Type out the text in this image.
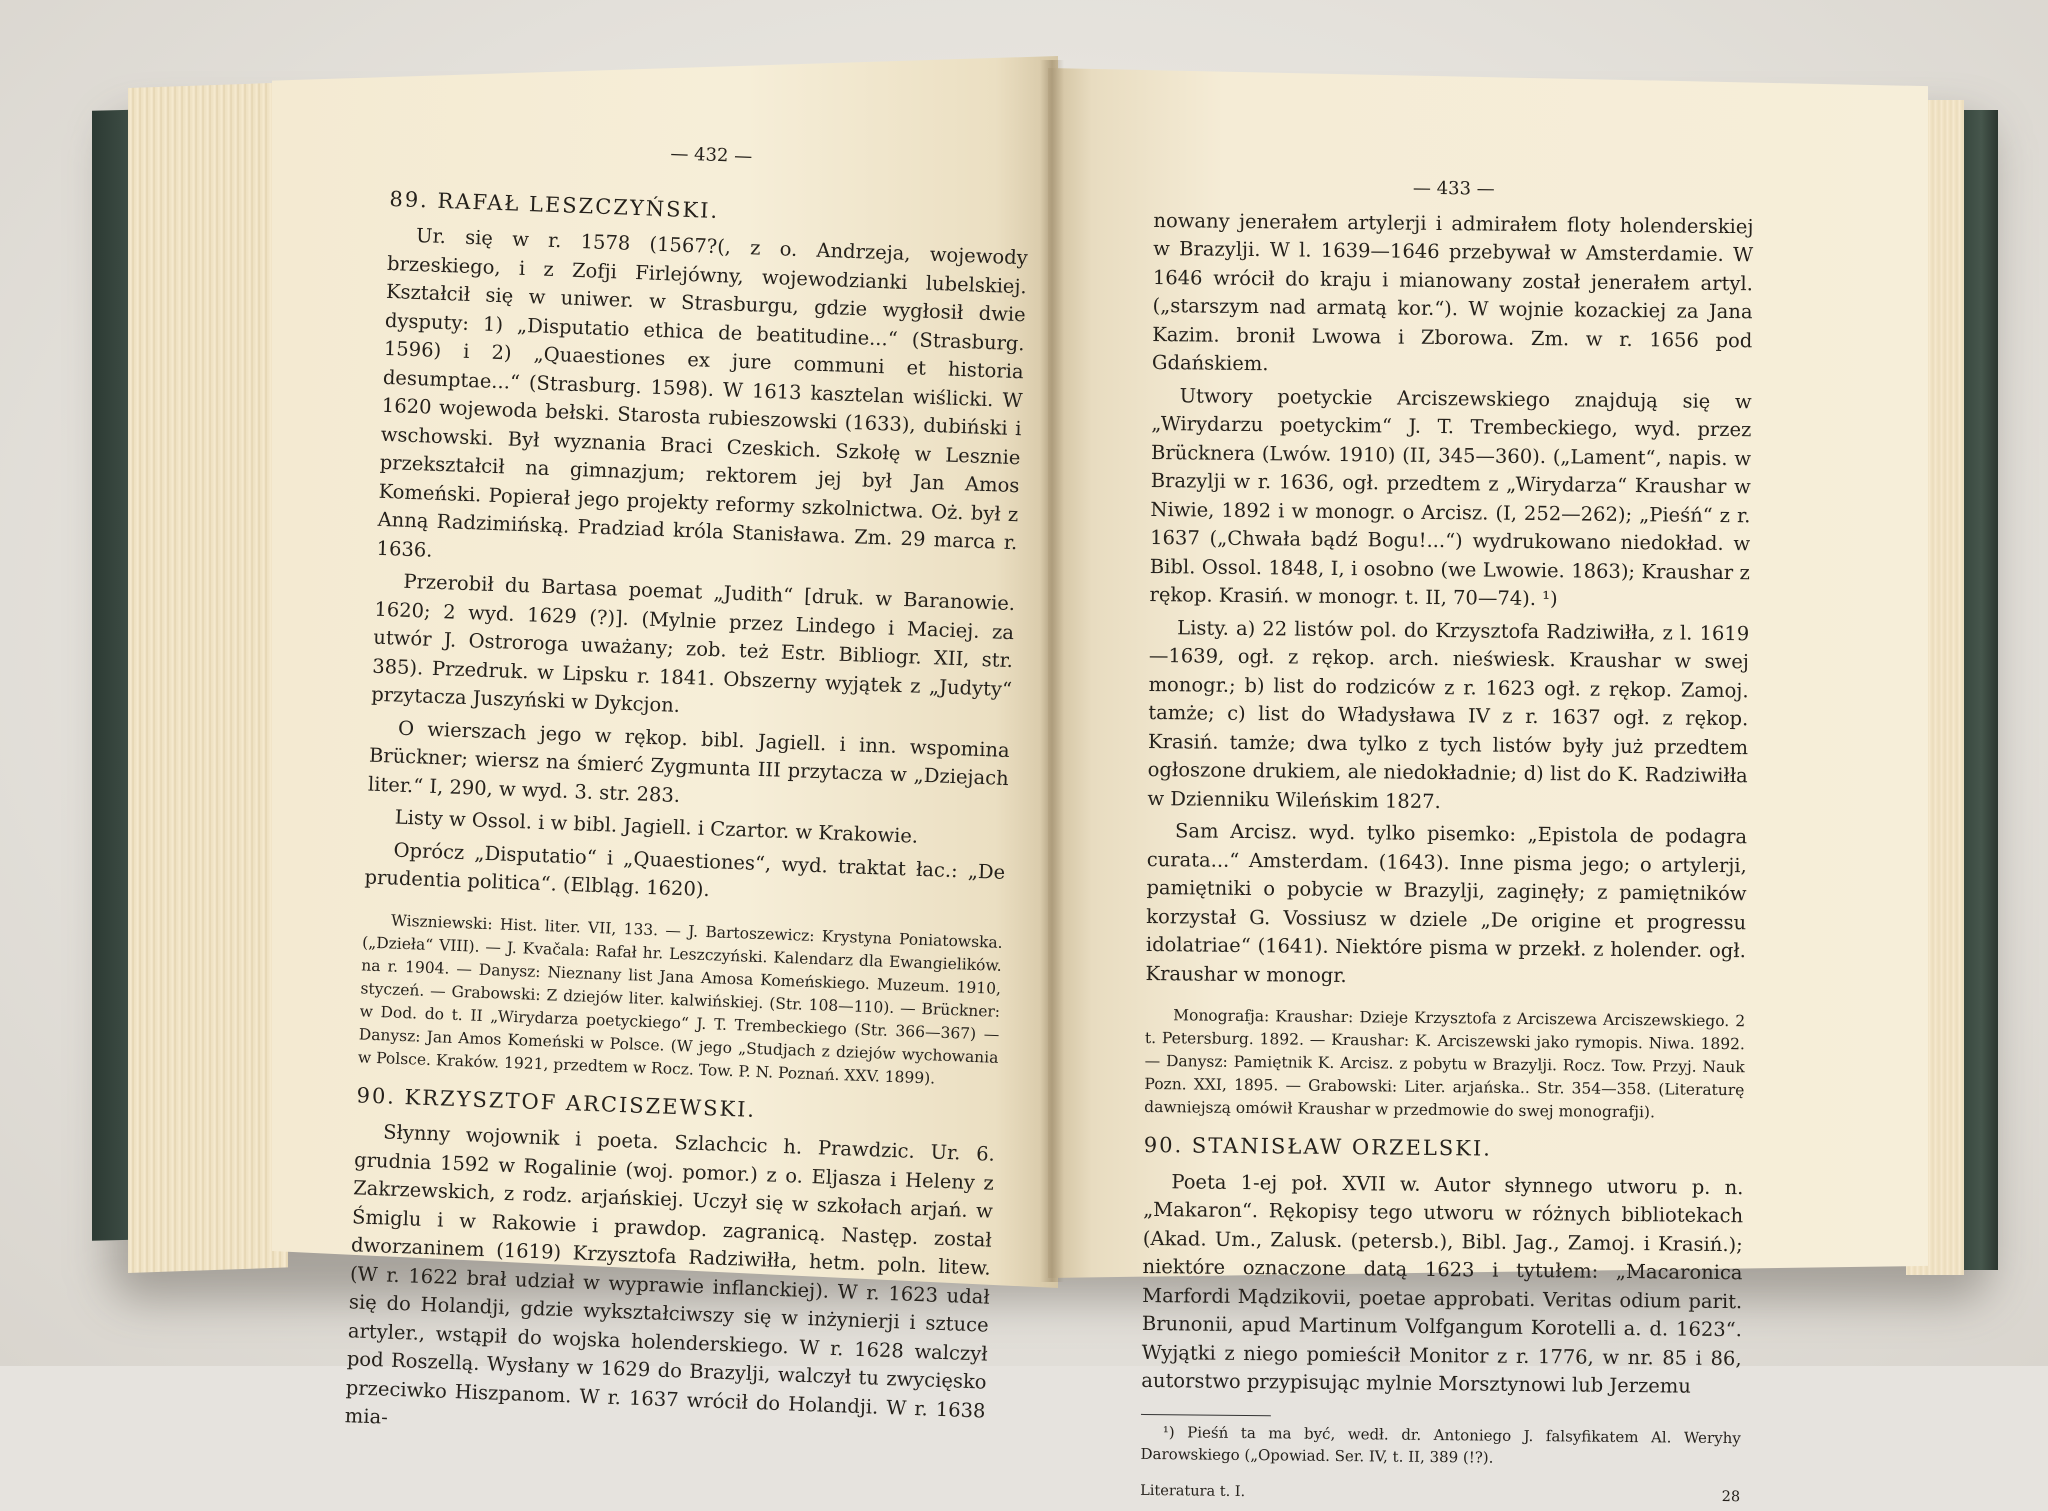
— 432 —
89. RAFAŁ LESZCZYŃSKI.

Ur. się w r. 1578 (1567?(, z o. Andrzeja, wojewody brzeskiego, i z Zofji Firlejówny, wojewodzianki lubelskiej. Kształcił się w uniwer. w Strasburgu, gdzie wygłosił dwie dysputy: 1) „Disputatio ethica de beatitudine...“ (Strasburg. 1596) i 2) „Quaestiones ex jure communi et historia desumptae...“ (Strasburg. 1598). W 1613 kasztelan wiślicki. W 1620 wojewoda bełski. Starosta rubieszowski (1633), dubiński i wschowski. Był wyznania Braci Czeskich. Szkołę w Lesznie przekształcił na gimnazjum; rektorem jej był Jan Amos Komeński. Popierał jego projekty reformy szkolnictwa. Oż. był z Anną Radzimińską. Pradziad króla Stanisława. Zm. 29 marca r. 1636.

Przerobił du Bartasa poemat „Judith“ [druk. w Baranowie. 1620; 2 wyd. 1629 (?)]. (Mylnie przez Lindego i Maciej. za utwór J. Ostroroga uważany; zob. też Estr. Bibliogr. XII, str. 385). Przedruk. w Lipsku r. 1841. Obszerny wyjątek z „Judyty“ przytacza Juszyński w Dykcjon.

O wierszach jego w rękop. bibl. Jagiell. i inn. wspomina Brückner; wiersz na śmierć Zygmunta III przytacza w „Dziejach liter.“ I, 290, w wyd. 3. str. 283.

Listy w Ossol. i w bibl. Jagiell. i Czartor. w Krakowie.

Oprócz „Disputatio“ i „Quaestiones“, wyd. traktat łac.: „De prudentia politica“. (Elbląg. 1620).

Wiszniewski: Hist. liter. VII, 133. — J. Bartoszewicz: Krystyna Poniatowska. („Dzieła“ VIII). — J. Kvačala: Rafał hr. Leszczyński. Kalendarz dla Ewangielików. na r. 1904. — Danysz: Nieznany list Jana Amosa Komeńskiego. Muzeum. 1910, styczeń. — Grabowski: Z dziejów liter. kalwińskiej. (Str. 108—110). — Brückner: w Dod. do t. II „Wirydarza poetyckiego“ J. T. Trembeckiego (Str. 366—367) — Danysz: Jan Amos Komeński w Polsce. (W jego „Studjach z dziejów wychowania w Polsce. Kraków. 1921, przedtem w Rocz. Tow. P. N. Poznań. XXV. 1899).

90. KRZYSZTOF ARCISZEWSKI.

Słynny wojownik i poeta. Szlachcic h. Prawdzic. Ur. 6. grudnia 1592 w Rogalinie (woj. pomor.) z o. Eljasza i Heleny z Zakrzewskich, z rodz. arjańskiej. Uczył się w szkołach arjań. w Śmiglu i w Rakowie i prawdop. zagranicą. Następ. został dworzaninem (1619) Krzysztofa Radziwiłła, hetm. poln. litew. (W r. 1622 brał udział w wyprawie inflanckiej). W r. 1623 udał się do Holandji, gdzie wykształciwszy się w inżynierji i sztuce artyler., wstąpił do wojska holenderskiego. W r. 1628 walczył pod Roszellą. Wysłany w 1629 do Brazylji, walczył tu zwycięsko przeciwko Hiszpanom. W r. 1637 wrócił do Holandji. W r. 1638 mia-

— 433 —

nowany jenerałem artylerji i admirałem floty holenderskiej w Brazylji. W l. 1639—1646 przebywał w Amsterdamie. W 1646 wrócił do kraju i mianowany został jenerałem artyl. („starszym nad armatą kor.“). W wojnie kozackiej za Jana Kazim. bronił Lwowa i Zborowa. Zm. w r. 1656 pod Gdańskiem.

Utwory poetyckie Arciszewskiego znajdują się w „Wirydarzu poetyckim“ J. T. Trembeckiego, wyd. przez Brücknera (Lwów. 1910) (II, 345—360). („Lament“, napis. w Brazylji w r. 1636, ogł. przedtem z „Wirydarza“ Kraushar w Niwie, 1892 i w monogr. o Arcisz. (I, 252—262); „Pieśń“ z r. 1637 („Chwała bądź Bogu!...“) wydrukowano niedokład. w Bibl. Ossol. 1848, I, i osobno (we Lwowie. 1863); Kraushar z rękop. Krasiń. w monogr. t. II, 70—74). ¹)

Listy. a) 22 listów pol. do Krzysztofa Radziwiłła, z l. 1619—1639, ogł. z rękop. arch. nieświesk. Kraushar w swej monogr.; b) list do rodziców z r. 1623 ogł. z rękop. Zamoj. tamże; c) list do Władysława IV z r. 1637 ogł. z rękop. Krasiń. tamże; dwa tylko z tych listów były już przedtem ogłoszone drukiem, ale niedokładnie; d) list do K. Radziwiłła w Dzienniku Wileńskim 1827.

Sam Arcisz. wyd. tylko pisemko: „Epistola de podagra curata...“ Amsterdam. (1643). Inne pisma jego; o artylerji, pamiętniki o pobycie w Brazylji, zaginęły; z pamiętników korzystał G. Vossiusz w dziele „De origine et progressu idolatriae“ (1641). Niektóre pisma w przekł. z holender. ogł. Kraushar w monogr.

Monografja: Kraushar: Dzieje Krzysztofa z Arciszewa Arciszewskiego. 2 t. Petersburg. 1892. — Kraushar: K. Arciszewski jako rymopis. Niwa. 1892. — Danysz: Pamiętnik K. Arcisz. z pobytu w Brazylji. Rocz. Tow. Przyj. Nauk Pozn. XXI, 1895. — Grabowski: Liter. arjańska.. Str. 354—358. (Literaturę dawniejszą omówił Kraushar w przedmowie do swej monografji).

90. STANISŁAW ORZELSKI.

Poeta 1-ej poł. XVII w. Autor słynnego utworu p. n. „Makaron“. Rękopisy tego utworu w różnych bibliotekach (Akad. Um., Zalusk. (petersb.), Bibl. Jag., Zamoj. i Krasiń.); niektóre oznaczone datą 1623 i tytułem: „Macaronica Marfordi Mądzikovii, poetae approbati. Veritas odium parit. Brunonii, apud Martinum Volfgangum Korotelli a. d. 1623“. Wyjątki z niego pomieścił Monitor z r. 1776, w nr. 85 i 86, autorstwo przypisując mylnie Morsztynowi lub Jerzemu

¹) Pieśń ta ma być, wedł. dr. Antoniego J. falsyfikatem Al. Weryhy Darowskiego („Opowiad. Ser. IV, t. II, 389 (!?).

Literatura t. I.	28
